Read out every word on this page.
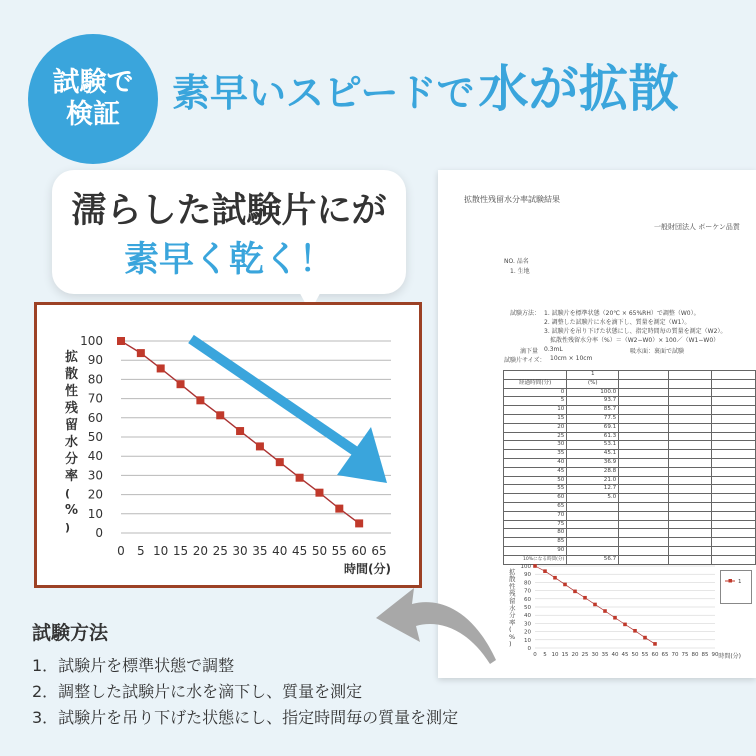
試験で
検証 素早いスピードで水が拡散
拡散性残留水分率試験結果
一般財団法人 ボーケン品質
NO. 品名
1. 生地
試験方法： 1. 試験片を標準状態（20℃ × 65%RH）で調整（W0）。
2. 調整した試験片に水を滴下し、質量を測定（W1）。
3. 試験片を吊り下げた状態にし、指定時間毎の質量を測定（W2）。
拡散性残留水分率（%）＝（W2−W0）× 100／（W1−W0）
滴下量 0.3mL	吸水面：裏面で試験
試験片サイズ： 10cm × 10cm
	1			
経過時間(分)	(%)			
0	100.0			
5	93.7			
10	85.7			
15	77.5			
20	69.1			
25	61.3			
30	53.1			
35	45.1			
40	36.9			
45	28.8			
50	21.0			
55	12.7			
60	5.0			
65				
70				
75				
80				
85				
90				
10%になる時間(分)	56.7			
0
10
20
30
40
50
60
70
80
90
100
0 5 10 15 20 25 30 35 40 45 50 55 60 65 70 75 80 85 90 時間(分)
拡散性残留水分率( % )
1
濡らした試験片にが
素早く乾く！
0
10
20
30
40
50
60
70
80
90
100
0 5 10 15 20 25 30 35 40 45 50 55 60 65
時間(分)
拡散性残留水分率( % )
試験方法
1．試験片を標準状態で調整
2．調整した試験片に水を滴下し、質量を測定
3．試験片を吊り下げた状態にし、指定時間毎の質量を測定
